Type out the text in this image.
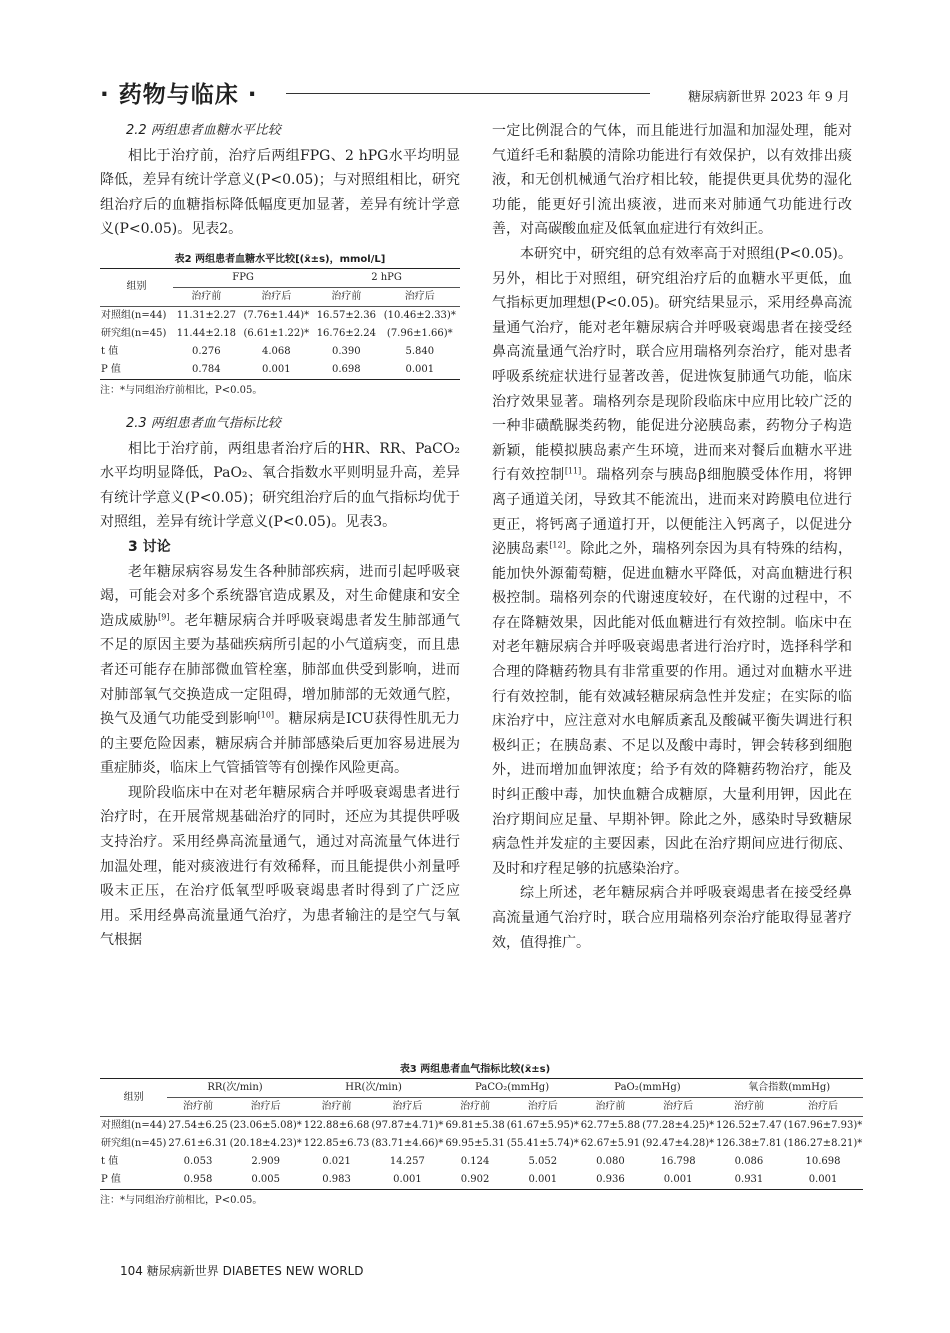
· 药物与临床 ·	糖尿病新世界 2023 年 9 月

2.2 两组患者血糖水平比较

相比于治疗前，治疗后两组FPG、2 hPG水平均明显降低，差异有统计学意义(P<0.05)；与对照组相比，研究组治疗后的血糖指标降低幅度更加显著，差异有统计学意义(P<0.05)。见表2。

表2 两组患者血糖水平比较[(x̄±s)，mmol/L]
组别	FPG		2 hPG	
	治疗前	治疗后	治疗前	治疗后
对照组(n=44)	11.31±2.27	(7.76±1.44)*	16.57±2.36	(10.46±2.33)*
研究组(n=45)	11.44±2.18	(6.61±1.22)*	16.76±2.24	(7.96±1.66)*
t 值	0.276	4.068	0.390	5.840
P 值	0.784	0.001	0.698	0.001
注：*与同组治疗前相比，P<0.05。

2.3 两组患者血气指标比较

相比于治疗前，两组患者治疗后的HR、RR、PaCO₂水平均明显降低，PaO₂、氧合指数水平则明显升高，差异有统计学意义(P<0.05)；研究组治疗后的血气指标均优于对照组，差异有统计学意义(P<0.05)。见表3。

3 讨论

老年糖尿病容易发生各种肺部疾病，进而引起呼吸衰竭，可能会对多个系统器官造成累及，对生命健康和安全造成威胁[9]。老年糖尿病合并呼吸衰竭患者发生肺部通气不足的原因主要为基础疾病所引起的小气道病变，而且患者还可能存在肺部微血管栓塞，肺部血供受到影响，进而对肺部氧气交换造成一定阻碍，增加肺部的无效通气腔，换气及通气功能受到影响[10]。糖尿病是ICU获得性肌无力的主要危险因素，糖尿病合并肺部感染后更加容易进展为重症肺炎，临床上气管插管等有创操作风险更高。

现阶段临床中在对老年糖尿病合并呼吸衰竭患者进行治疗时，在开展常规基础治疗的同时，还应为其提供呼吸支持治疗。采用经鼻高流量通气，通过对高流量气体进行加温处理，能对痰液进行有效稀释，而且能提供小剂量呼吸末正压，在治疗低氧型呼吸衰竭患者时得到了广泛应用。采用经鼻高流量通气治疗，为患者输注的是空气与氧气根据

一定比例混合的气体，而且能进行加温和加湿处理，能对气道纤毛和黏膜的清除功能进行有效保护，以有效排出痰液，和无创机械通气治疗相比较，能提供更具优势的湿化功能，能更好引流出痰液，进而来对肺通气功能进行改善，对高碳酸血症及低氧血症进行有效纠正。

本研究中，研究组的总有效率高于对照组(P<0.05)。另外，相比于对照组，研究组治疗后的血糖水平更低，血气指标更加理想(P<0.05)。研究结果显示，采用经鼻高流量通气治疗，能对老年糖尿病合并呼吸衰竭患者在接受经鼻高流量通气治疗时，联合应用瑞格列奈治疗，能对患者呼吸系统症状进行显著改善，促进恢复肺通气功能，临床治疗效果显著。瑞格列奈是现阶段临床中应用比较广泛的一种非磺酰脲类药物，能促进分泌胰岛素，药物分子构造新颖，能模拟胰岛素产生环境，进而来对餐后血糖水平进行有效控制[11]。瑞格列奈与胰岛β细胞膜受体作用，将钾离子通道关闭，导致其不能流出，进而来对跨膜电位进行更正，将钙离子通道打开，以便能注入钙离子，以促进分泌胰岛素[12]。除此之外，瑞格列奈因为具有特殊的结构，能加快外源葡萄糖，促进血糖水平降低，对高血糖进行积极控制。瑞格列奈的代谢速度较好，在代谢的过程中，不存在降糖效果，因此能对低血糖进行有效控制。临床中在对老年糖尿病合并呼吸衰竭患者进行治疗时，选择科学和合理的降糖药物具有非常重要的作用。通过对血糖水平进行有效控制，能有效减轻糖尿病急性并发症；在实际的临床治疗中，应注意对水电解质紊乱及酸碱平衡失调进行积极纠正；在胰岛素、不足以及酸中毒时，钾会转移到细胞外，进而增加血钾浓度；给予有效的降糖药物治疗，能及时纠正酸中毒，加快血糖合成糖原，大量利用钾，因此在治疗期间应足量、早期补钾。除此之外，感染时导致糖尿病急性并发症的主要因素，因此在治疗期间应进行彻底、及时和疗程足够的抗感染治疗。

综上所述，老年糖尿病合并呼吸衰竭患者在接受经鼻高流量通气治疗时，联合应用瑞格列奈治疗能取得显著疗效，值得推广。

表3 两组患者血气指标比较(x̄±s)
组别	RR(次/min)		HR(次/min)		PaCO₂(mmHg)		PaO₂(mmHg)		氧合指数(mmHg)	
	治疗前	治疗后	治疗前	治疗后	治疗前	治疗后	治疗前	治疗后	治疗前	治疗后
对照组(n=44)	27.54±6.25	(23.06±5.08)*	122.88±6.68	(97.87±4.71)*	69.81±5.38	(61.67±5.95)*	62.77±5.88	(77.28±4.25)*	126.52±7.47	(167.96±7.93)*
研究组(n=45)	27.61±6.31	(20.18±4.23)*	122.85±6.73	(83.71±4.66)*	69.95±5.31	(55.41±5.74)*	62.67±5.91	(92.47±4.28)*	126.38±7.81	(186.27±8.21)*
t 值	0.053	2.909	0.021	14.257	0.124	5.052	0.080	16.798	0.086	10.698
P 值	0.958	0.005	0.983	0.001	0.902	0.001	0.936	0.001	0.931	0.001
注：*与同组治疗前相比，P<0.05。
104 糖尿病新世界 DIABETES NEW WORLD
